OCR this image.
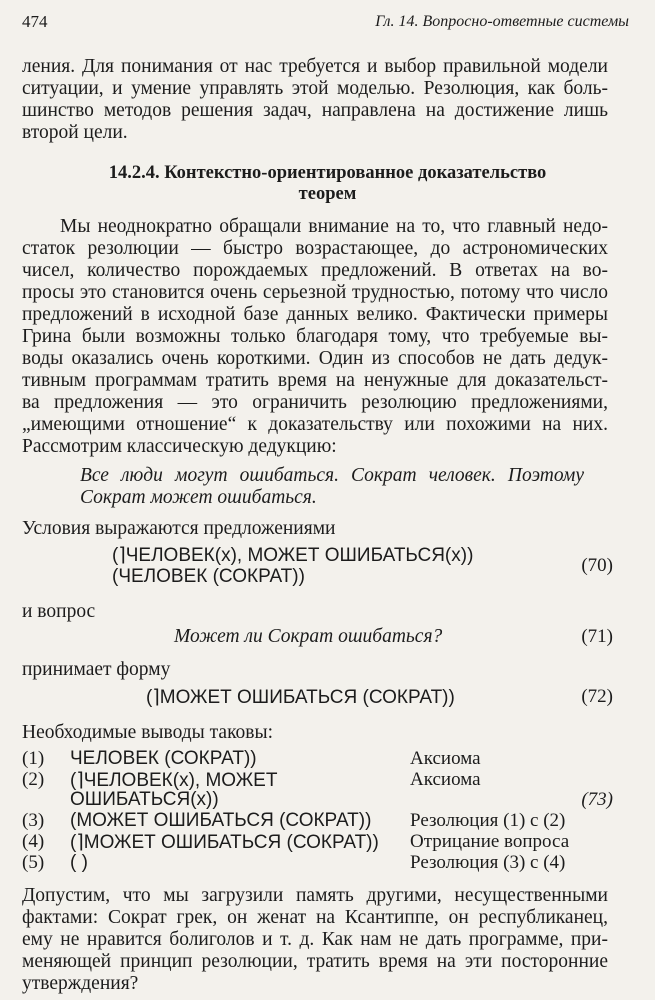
474	Гл. 14. Вопросно-ответные системы
ления. Для понимания от нас требуется и выбор правильной модели
ситуации, и умение управлять этой моделью. Резолюция, как боль-
шинство методов решения задач, направлена на достижение лишь
второй цели.
14.2.4. Контекстно-ориентированное доказательство
теорем
Мы неоднократно обращали внимание на то, что главный недо-
статок резолюции — быстро возрастающее, до астрономических
чисел, количество порождаемых предложений. В ответах на во-
просы это становится очень серьезной трудностью, потому что число
предложений в исходной базе данных велико. Фактически примеры
Грина были возможны только благодаря тому, что требуемые вы-
воды оказались очень короткими. Один из способов не дать дедук-
тивным программам тратить время на ненужные для доказательст-
ва предложения — это ограничить резолюцию предложениями,
„имеющими отношение“ к доказательству или похожими на них.
Рассмотрим классическую дедукцию:
Все люди могут ошибаться. Сократ человек. Поэтому
Сократ может ошибаться.
Условия выражаются предложениями
(⌉ЧЕЛОВЕК(x), МОЖЕТ ОШИБАТЬСЯ(x))
(ЧЕЛОВЕК (СОКРАТ))
(70)
и вопрос
Может ли Сократ ошибаться?	(71)
принимает форму
(⌉МОЖЕТ ОШИБАТЬСЯ (СОКРАТ))	(72)
Необходимые выводы таковы:
(1) ЧЕЛОВЕК (СОКРАТ))	Аксиома
(2) (⌉ЧЕЛОВЕК(x), МОЖЕТ	Аксиома
ОШИБАТЬСЯ(x))	(73)
(3) (МОЖЕТ ОШИБАТЬСЯ (СОКРАТ)) Резолюция (1) с (2)
(4) (⌉МОЖЕТ ОШИБАТЬСЯ (СОКРАТ)) Отрицание вопроса
(5) ( )	Резолюция (3) с (4)
Допустим, что мы загрузили память другими, несущественными
фактами: Сократ грек, он женат на Ксантиппе, он республиканец,
ему не нравится болиголов и т. д. Как нам не дать программе, при-
меняющей принцип резолюции, тратить время на эти посторонние
утверждения?
